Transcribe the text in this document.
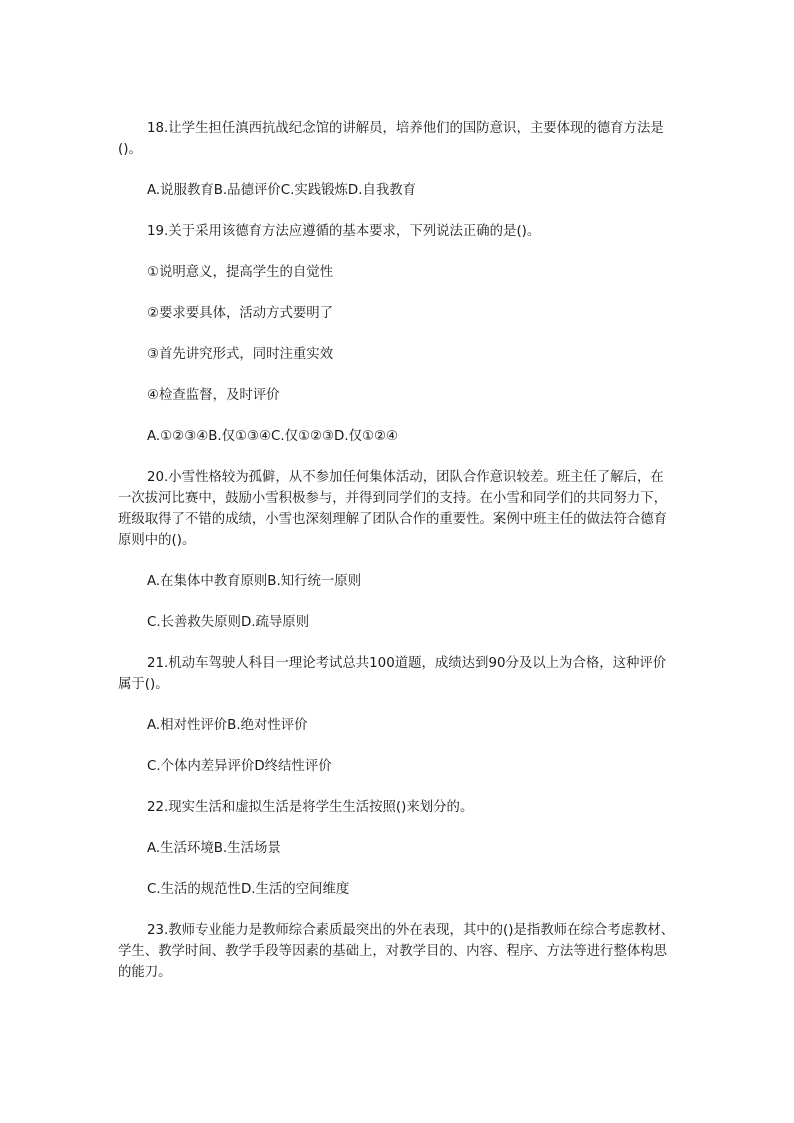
18.让学生担任滇西抗战纪念馆的讲解员，培养他们的国防意识，主要体现的德育方法是()。

A.说服教育B.品德评价C.实践锻炼D.自我教育

19.关于采用该德育方法应遵循的基本要求，下列说法正确的是()。

①说明意义，提高学生的自觉性

②要求要具体，活动方式要明了

③首先讲究形式，同时注重实效

④检查监督，及时评价

A.①②③④B.仅①③④C.仅①②③D.仅①②④

20.小雪性格较为孤僻，从不参加任何集体活动，团队合作意识较差。班主任了解后，在一次拔河比赛中，鼓励小雪积极参与，并得到同学们的支持。在小雪和同学们的共同努力下，班级取得了不错的成绩，小雪也深刻理解了团队合作的重要性。案例中班主任的做法符合德育原则中的()。

A.在集体中教育原则B.知行统一原则

C.长善救失原则D.疏导原则

21.机动车驾驶人科目一理论考试总共100道题，成绩达到90分及以上为合格，这种评价属于()。

A.相对性评价B.绝对性评价

C.个体内差异评价D终结性评价

22.现实生活和虚拟生活是将学生生活按照()来划分的。

A.生活环境B.生活场景

C.生活的规范性D.生活的空间维度

23.教师专业能力是教师综合素质最突出的外在表现，其中的()是指教师在综合考虑教材、学生、教学时间、教学手段等因素的基础上，对教学目的、内容、程序、方法等进行整体构思的能刀。
